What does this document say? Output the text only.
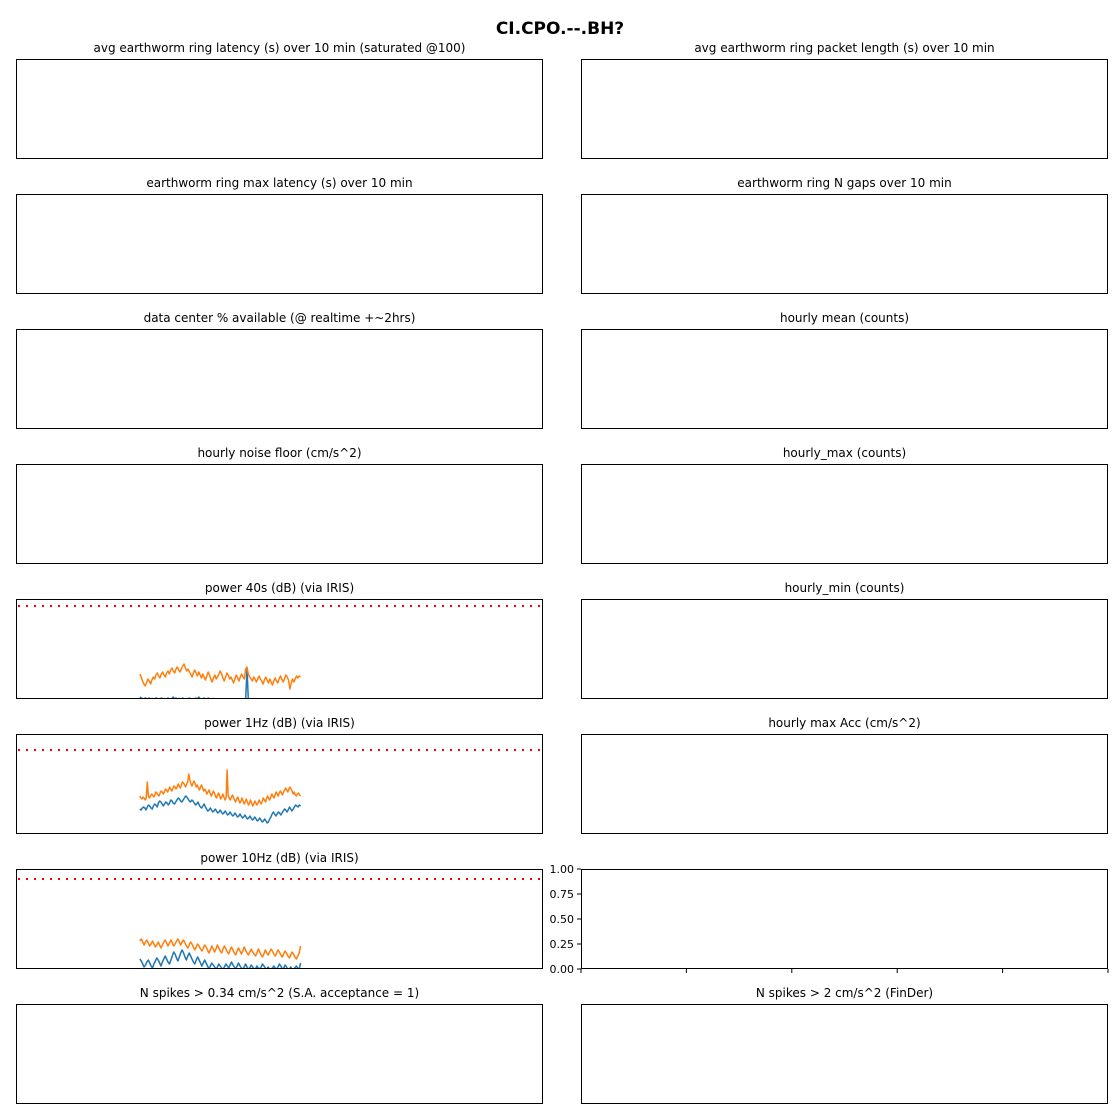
CI.CPO.--.BH?
avg earthworm ring latency (s) over 10 min (saturated @100)	avg earthworm ring packet length (s) over 10 min
earthworm ring max latency (s) over 10 min	earthworm ring N gaps over 10 min
data center % available (@ realtime +~2hrs)	hourly mean (counts)
hourly noise floor (cm/s^2)	hourly_max (counts)
power 40s (dB) (via IRIS)	hourly_min (counts)
power 1Hz (dB) (via IRIS)	hourly max Acc (cm/s^2)
power 10Hz (dB) (via IRIS)
0.00
0.25
0.50
0.75
1.00
N spikes > 0.34 cm/s^2 (S.A. acceptance = 1)	N spikes > 2 cm/s^2 (FinDer)
